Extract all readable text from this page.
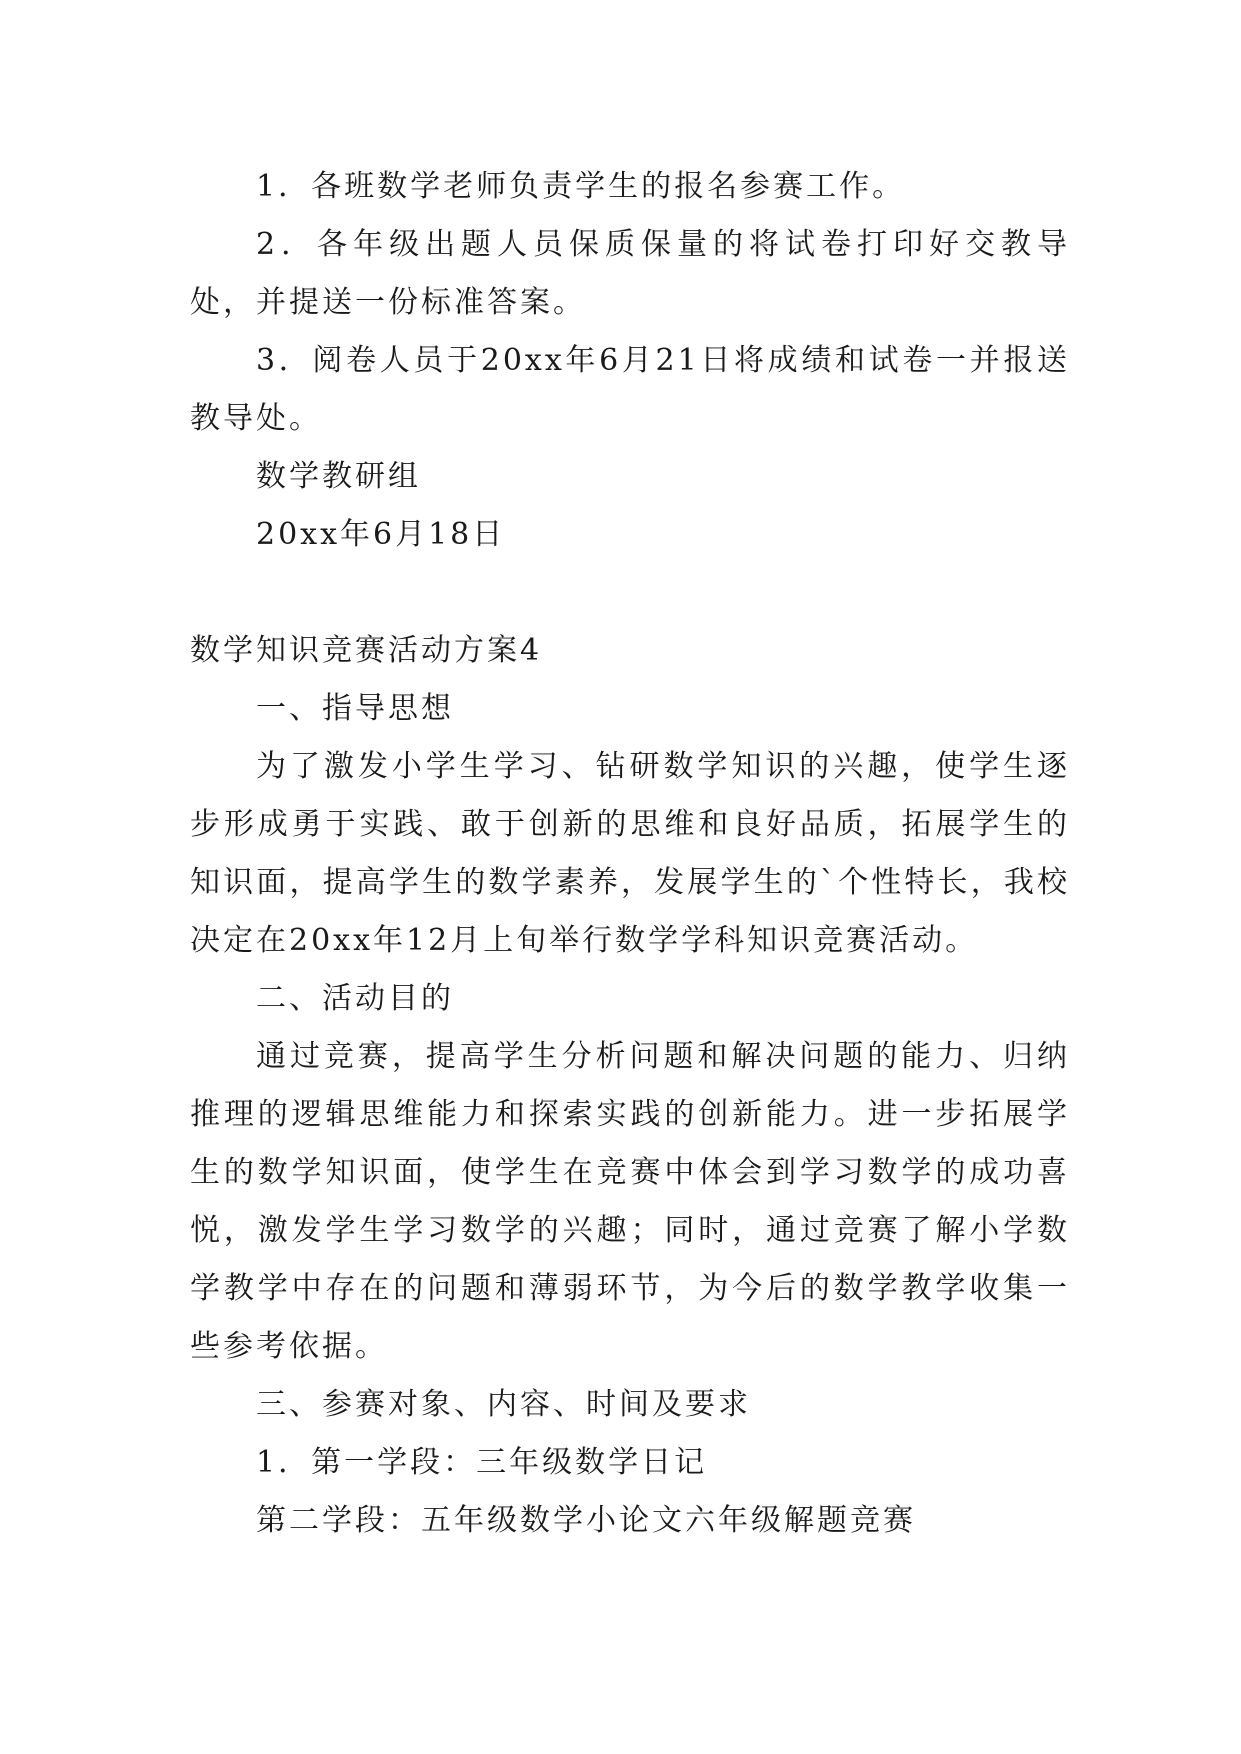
1．各班数学老师负责学生的报名参赛工作。

2．各年级出题人员保质保量的将试卷打印好交教导处，并提送一份标准答案。

3．阅卷人员于20xx年6月21日将成绩和试卷一并报送教导处。

数学教研组

20xx年6月18日

数学知识竞赛活动方案4

一、指导思想

为了激发小学生学习、钻研数学知识的兴趣，使学生逐步形成勇于实践、敢于创新的思维和良好品质，拓展学生的知识面，提高学生的数学素养，发展学生的`个性特长，我校决定在20xx年12月上旬举行数学学科知识竞赛活动。

二、活动目的

通过竞赛，提高学生分析问题和解决问题的能力、归纳推理的逻辑思维能力和探索实践的创新能力。进一步拓展学生的数学知识面，使学生在竞赛中体会到学习数学的成功喜悦，激发学生学习数学的兴趣；同时，通过竞赛了解小学数学教学中存在的问题和薄弱环节，为今后的数学教学收集一些参考依据。

三、参赛对象、内容、时间及要求

1．第一学段：三年级数学日记

第二学段：五年级数学小论文六年级解题竞赛
